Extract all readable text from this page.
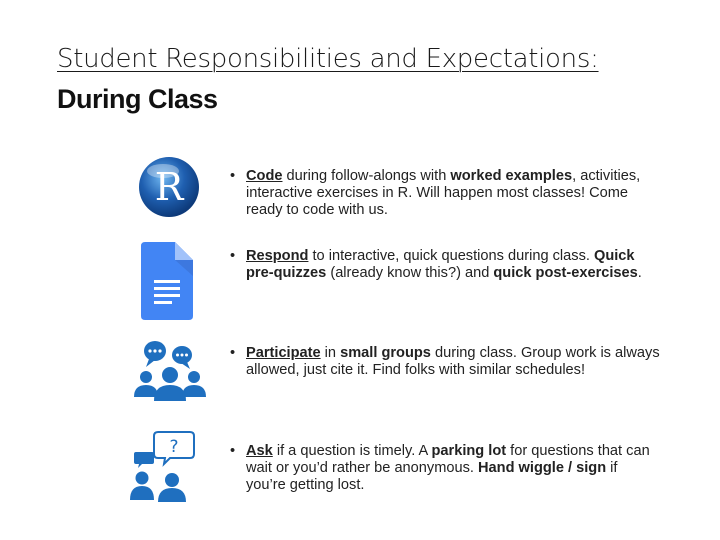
Student Responsibilities and Expectations:
During Class
R	• Code during follow-alongs with worked examples, activities, interactive exercises in R. Will happen most classes! Come ready to code with us.
• Respond to interactive, quick questions during class. Quick pre-quizzes (already know this?) and quick post-exercises.
• Participate in small groups during class. Group work is always allowed, just cite it. Find folks with similar schedules!
?	• Ask if a question is timely. A parking lot for questions that can wait or you’d rather be anonymous. Hand wiggle / sign if you’re getting lost.
